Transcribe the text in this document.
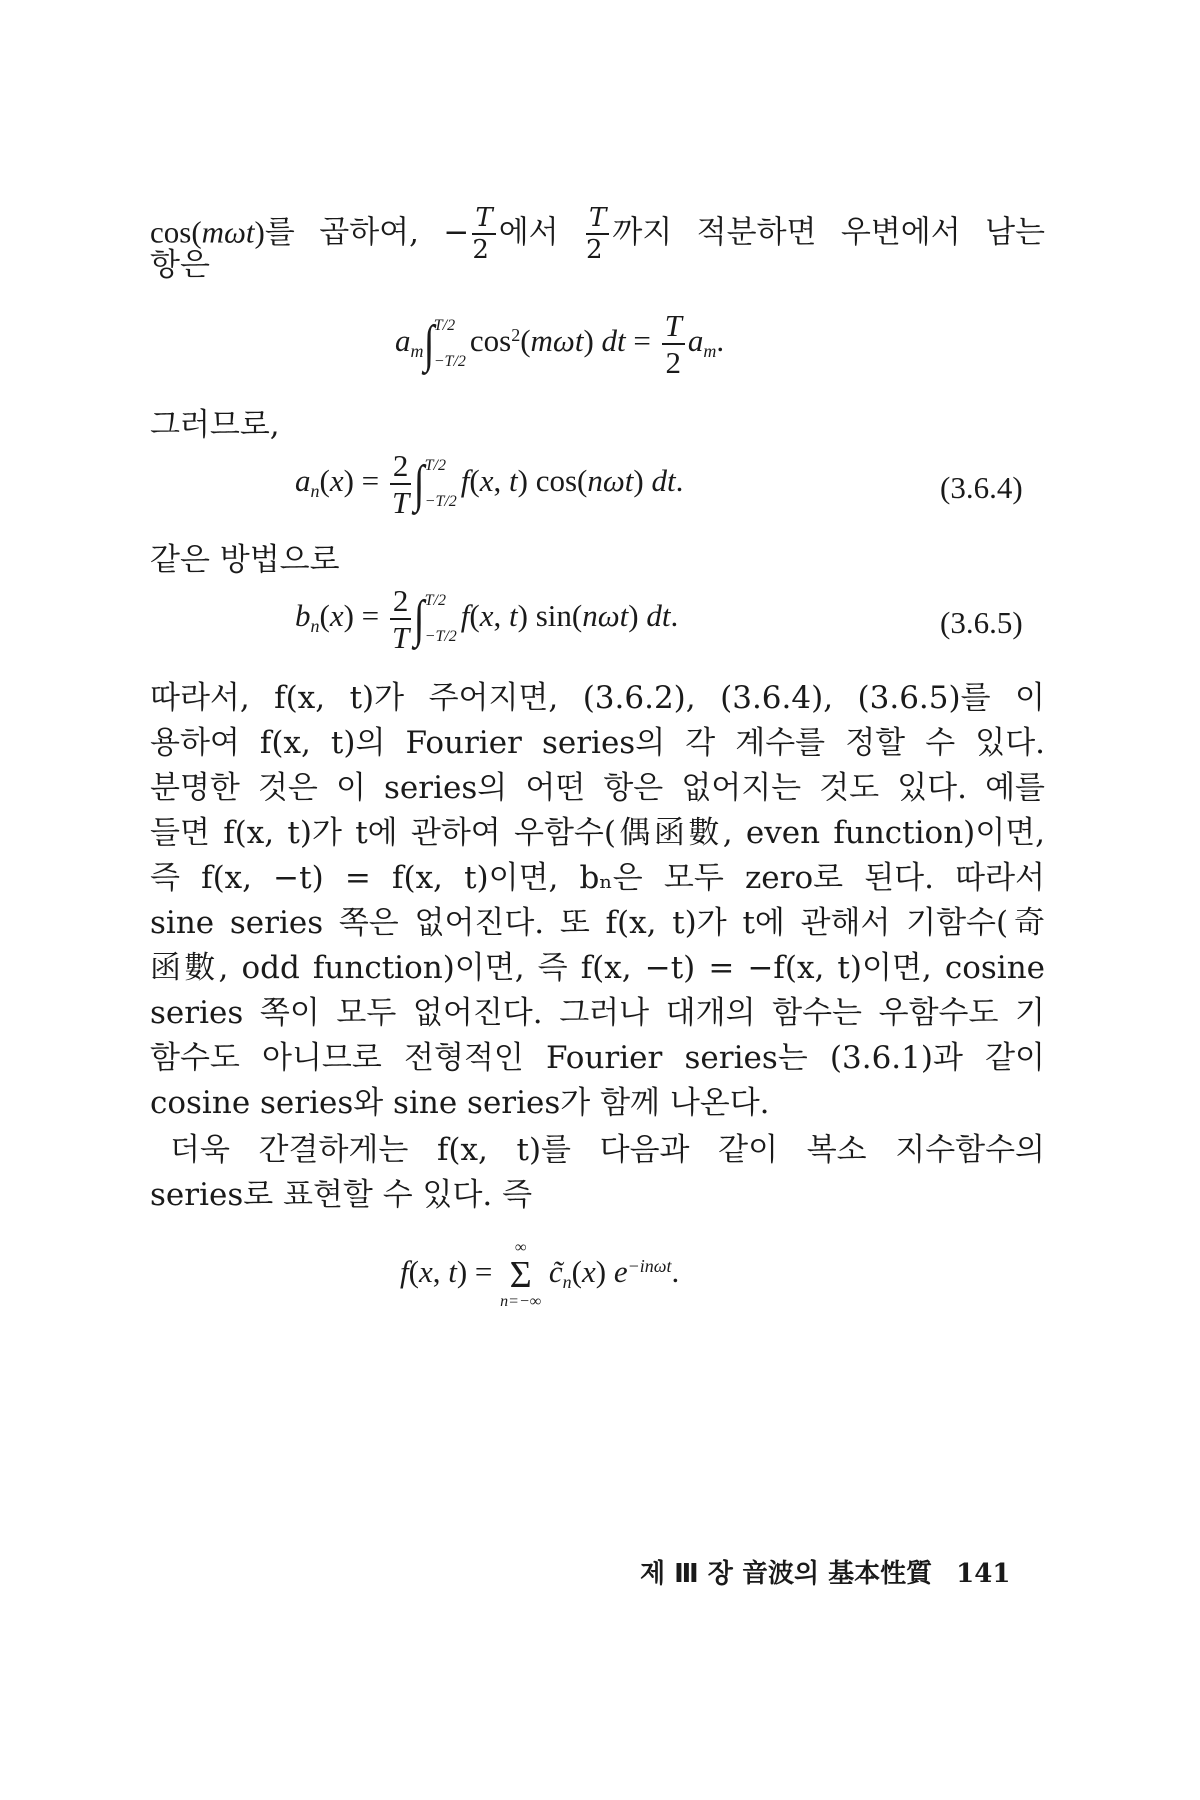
cos(mωt)를 곱하여, − $\frac{T}{2}$ 에서 $\frac{T}{2}$ 까지 적분하면 우변에서 남는
항은
$a_m\int$ T/2
−T/2
$\cos^2(m\omega t)$ dt = $\frac{T}{2} a_m$.
그러므로,
$a_n(x) = \frac{2}{T}$ ∫ T/2
−T/2
f(x, t) cos(nωt) dt.	(3.6.4)
같은 방법으로
$b_n(x) = \frac{2}{T}$ ∫ T/2
−T/2
f(x, t) sin(nωt) dt.	(3.6.5)
따라서, f(x, t)가 주어지면, (3.6.2), (3.6.4), (3.6.5)를 이
용하여 f(x, t)의 Fourier series의 각 계수를 정할 수 있다.
분명한 것은 이 series의 어떤 항은 없어지는 것도 있다. 예를
들면 f(x, t)가 t에 관하여 우함수(偶函數, even function)이면,
즉 f(x, −t) = f(x, t)이면, bₙ은 모두 zero로 된다. 따라서
sine series 쪽은 없어진다. 또 f(x, t)가 t에 관해서 기함수(奇
函數, odd function)이면, 즉 f(x, −t) = −f(x, t)이면, cosine
series 쪽이 모두 없어진다. 그러나 대개의 함수는 우함수도 기
함수도 아니므로 전형적인 Fourier series는 (3.6.1)과 같이
cosine series와 sine series가 함께 나온다.
더욱 간결하게는 f(x, t)를 다음과 같이 복소 지수함수의
series로 표현할 수 있다. 즉
f(x, t) =
∞
Σ
n=−∞
$c̃_n(x)$ $e^{-in\omega t}$.
제 Ⅲ 장 音波의 基本性質 141
